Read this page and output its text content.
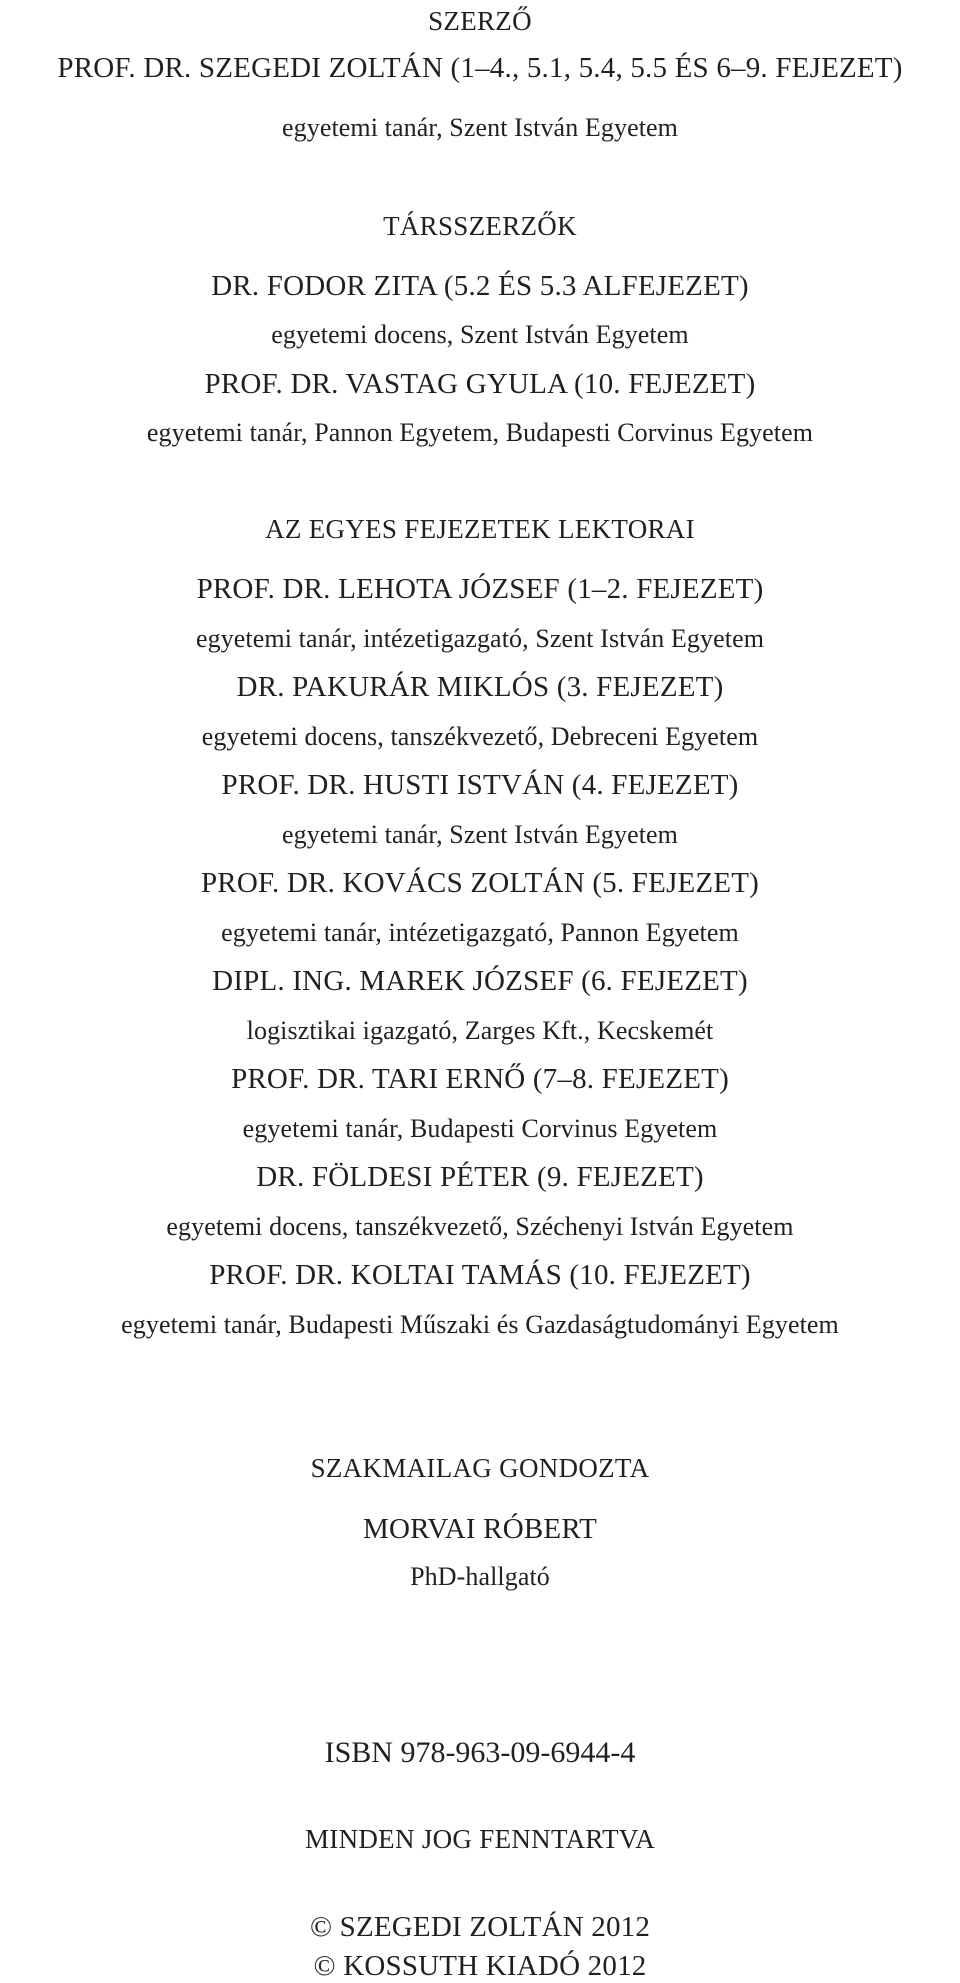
SZERZŐ
PROF. DR. SZEGEDI ZOLTÁN (1–4., 5.1, 5.4, 5.5 ÉS 6–9. FEJEZET)
egyetemi tanár, Szent István Egyetem
TÁRSSZERZŐK
DR. FODOR ZITA (5.2 ÉS 5.3 ALFEJEZET)
egyetemi docens, Szent István Egyetem
PROF. DR. VASTAG GYULA (10. FEJEZET)
egyetemi tanár, Pannon Egyetem, Budapesti Corvinus Egyetem
AZ EGYES FEJEZETEK LEKTORAI
PROF. DR. LEHOTA JÓZSEF (1–2. FEJEZET)
egyetemi tanár, intézetigazgató, Szent István Egyetem
DR. PAKURÁR MIKLÓS (3. FEJEZET)
egyetemi docens, tanszékvezető, Debreceni Egyetem
PROF. DR. HUSTI ISTVÁN (4. FEJEZET)
egyetemi tanár, Szent István Egyetem
PROF. DR. KOVÁCS ZOLTÁN (5. FEJEZET)
egyetemi tanár, intézetigazgató, Pannon Egyetem
DIPL. ING. MAREK JÓZSEF (6. FEJEZET)
logisztikai igazgató, Zarges Kft., Kecskemét
PROF. DR. TARI ERNŐ (7–8. FEJEZET)
egyetemi tanár, Budapesti Corvinus Egyetem
DR. FÖLDESI PÉTER (9. FEJEZET)
egyetemi docens, tanszékvezető, Széchenyi István Egyetem
PROF. DR. KOLTAI TAMÁS (10. FEJEZET)
egyetemi tanár, Budapesti Műszaki és Gazdaságtudományi Egyetem
SZAKMAILAG GONDOZTA
MORVAI RÓBERT
PhD-hallgató
ISBN 978-963-09-6944-4
MINDEN JOG FENNTARTVA
© SZEGEDI ZOLTÁN 2012
© KOSSUTH KIADÓ 2012
